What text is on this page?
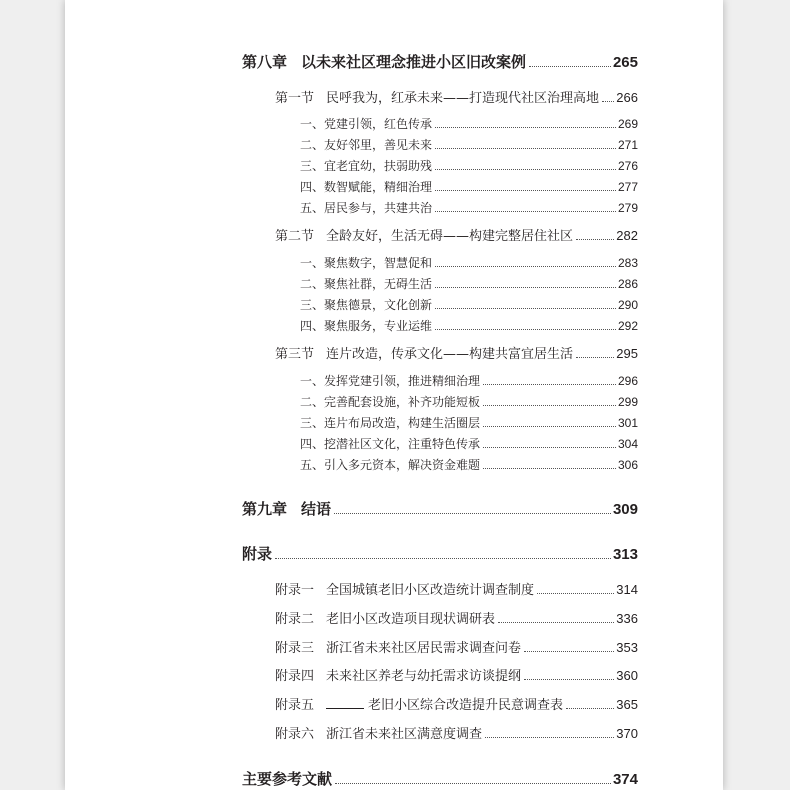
第八章 以未来社区理念推进小区旧改案例	265
第一节 民呼我为，红承未来——打造现代社区治理高地 266
一、党建引领，红色传承	269
二、友好邻里，善见未来	271
三、宜老宜幼，扶弱助残	276
四、数智赋能，精细治理	277
五、居民参与，共建共治	279
第二节 全龄友好，生活无碍——构建完整居住社区	282
一、聚焦数字，智慧促和	283
二、聚焦社群，无碍生活	286
三、聚焦德景，文化创新	290
四、聚焦服务，专业运维	292
第三节 连片改造，传承文化——构建共富宜居生活	295
一、发挥党建引领，推进精细治理	296
二、完善配套设施，补齐功能短板	299
三、连片布局改造，构建生活圈层	301
四、挖潜社区文化，注重特色传承	304
五、引入多元资本，解决资金难题	306
第九章 结语	309
附录	313
附录一 全国城镇老旧小区改造统计调查制度	314
附录二 老旧小区改造项目现状调研表	336
附录三 浙江省未来社区居民需求调查问卷	353
附录四 未来社区养老与幼托需求访谈提纲	360
附录五	老旧小区综合改造提升民意调查表	365
附录六 浙江省未来社区满意度调查	370
主要参考文献	374
